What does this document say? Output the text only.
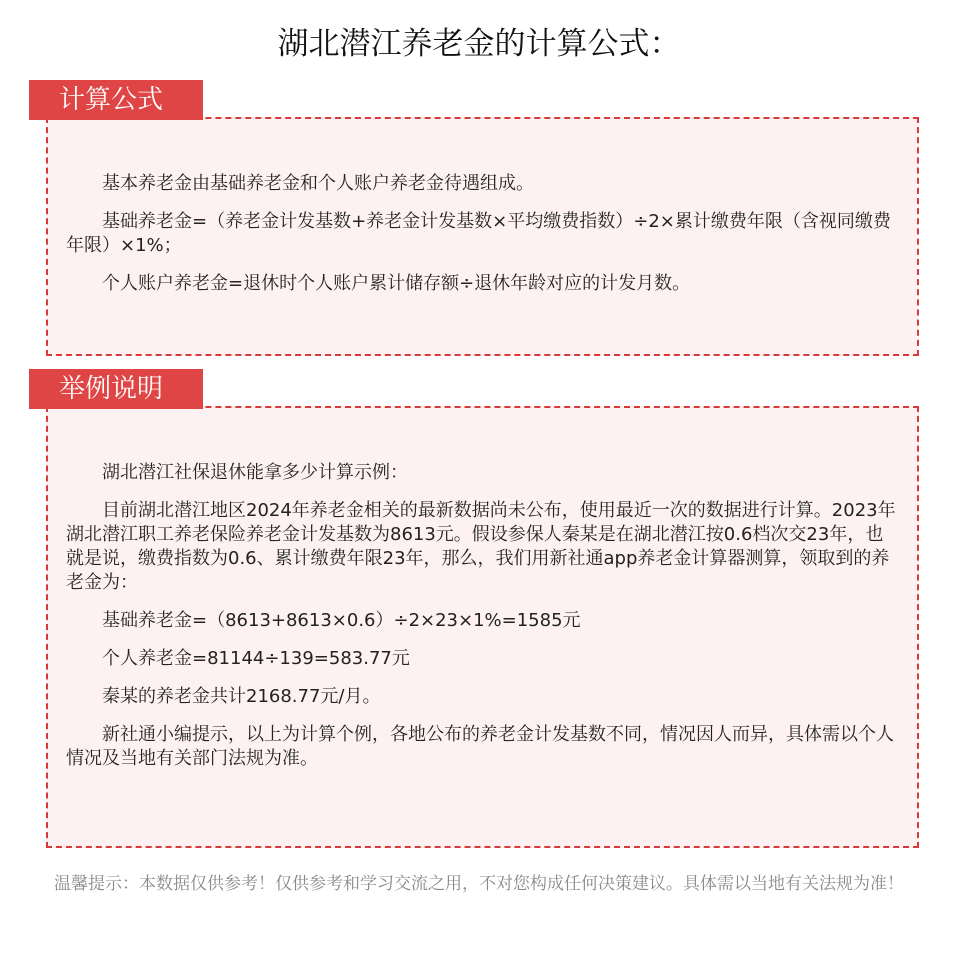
湖北潜江养老金的计算公式：
计算公式

基本养老金由基础养老金和个人账户养老金待遇组成。

基础养老金=（养老金计发基数+养老金计发基数×平均缴费指数）÷2×累计缴费年限（含视同缴费年限）×1%；

个人账户养老金=退休时个人账户累计储存额÷退休年龄对应的计发月数。

举例说明

湖北潜江社保退休能拿多少计算示例：

目前湖北潜江地区2024年养老金相关的最新数据尚未公布，使用最近一次的数据进行计算。2023年湖北潜江职工养老保险养老金计发基数为8613元。假设参保人秦某是在湖北潜江按0.6档次交23年，也就是说，缴费指数为0.6、累计缴费年限23年，那么，我们用新社通app养老金计算器测算，领取到的养老金为：

基础养老金=（8613+8613×0.6）÷2×23×1%=1585元

个人养老金=81144÷139=583.77元

秦某的养老金共计2168.77元/月。

新社通小编提示，以上为计算个例，各地公布的养老金计发基数不同，情况因人而异，具体需以个人情况及当地有关部门法规为准。

温馨提示：本数据仅供参考！仅供参考和学习交流之用，不对您构成任何决策建议。具体需以当地有关法规为准！
